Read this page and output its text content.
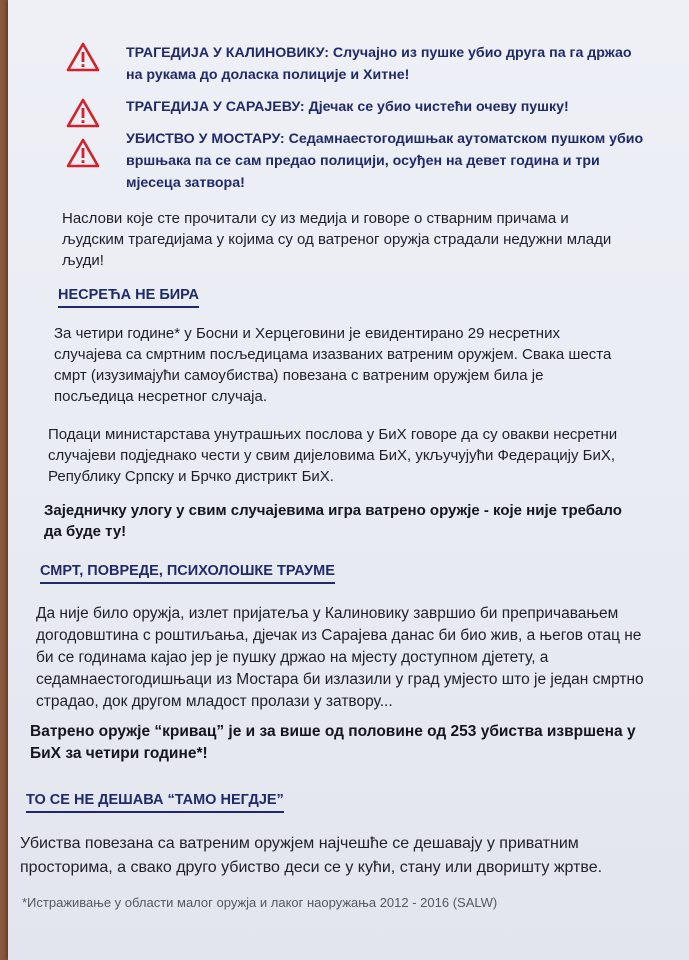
ТРАГЕДИЈА У КАЛИНОВИКУ: Случајно из пушке убио друга па га држао на рукама до доласка полиције и Хитне!
ТРАГЕДИЈА У САРАЈЕВУ: Дјечак се убио чистећи очеву пушку!
УБИСТВО У МОСТАРУ: Седамнаестогодишњак аутоматском пушком убио вршњака па се сам предао полицији, осуђен на девет година и три мјесеца затвора!
Наслови које сте прочитали су из медија и говоре о стварним причама и људским трагедијама у којима су од ватреног оружја страдали недужни млади људи!
НЕСРЕЋА НЕ БИРА
За четири године* у Босни и Херцеговини је евидентирано 29 несретних случајева са смртним посљедицама изазваних ватреним оружјем. Свака шеста смрт (изузимајући самоубиства) повезана с ватреним оружјем била је посљедица несретног случаја.
Подаци министарстава унутрашњих послова у БиХ говоре да су овакви несретни случајеви подједнако чести у свим дијеловима БиХ, укључујући Федерацију БиХ, Републику Српску и Брчко дистрикт БиХ.
Заједничку улогу у свим случајевима игра ватрено оружје - које није требало да буде ту!
СМРТ, ПОВРЕДЕ, ПСИХОЛОШКЕ ТРАУМЕ
Да није било оружја, излет пријатеља у Калиновику завршио би препричавањем догодовштина с роштиљања, дјечак из Сарајева данас би био жив, а његов отац не би се годинама кајао јер је пушку држао на мјесту доступном дјетету, а седамнаестогодишњаци из Мостара би излазили у град умјесто што је један смртно страдао, док другом младост пролази у затвору...
Ватрено оружје “кривац” је и за више од половине од 253 убиства извршена у БиХ за четири године*!
ТО СЕ НЕ ДЕШАВА “ТАМО НЕГДЈЕ”
Убиства повезана са ватреним оружјем најчешће се дешавају у приватним просторима, а свако друго убиство деси се у кући, стану или дворишту жртве.
*Истраживање у области малог оружја и лаког наоружања 2012 - 2016 (SALW)
